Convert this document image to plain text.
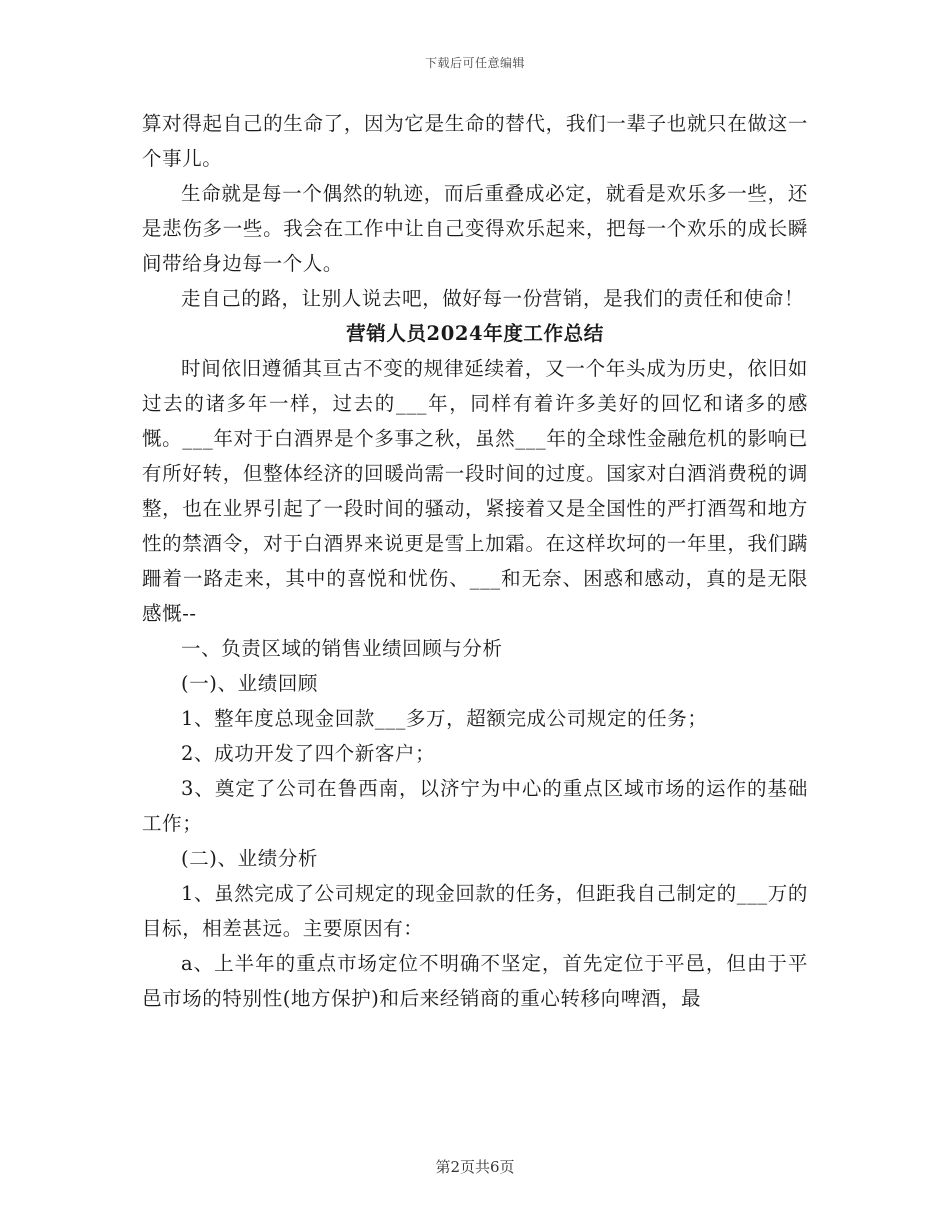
下载后可任意编辑

算对得起自己的生命了，因为它是生命的替代，我们一辈子也就只在做这一个事儿。

生命就是每一个偶然的轨迹，而后重叠成必定，就看是欢乐多一些，还是悲伤多一些。我会在工作中让自己变得欢乐起来，把每一个欢乐的成长瞬间带给身边每一个人。

走自己的路，让别人说去吧，做好每一份营销，是我们的责任和使命！

营销人员2024年度工作总结

时间依旧遵循其亘古不变的规律延续着，又一个年头成为历史，依旧如过去的诸多年一样，过去的___年，同样有着许多美好的回忆和诸多的感慨。___年对于白酒界是个多事之秋，虽然___年的全球性金融危机的影响已有所好转，但整体经济的回暖尚需一段时间的过度。国家对白酒消费税的调整，也在业界引起了一段时间的骚动，紧接着又是全国性的严打酒驾和地方性的禁酒令，对于白酒界来说更是雪上加霜。在这样坎坷的一年里，我们蹒跚着一路走来，其中的喜悦和忧伤、___和无奈、困惑和感动，真的是无限感慨--

一、负责区域的销售业绩回顾与分析

(一)、业绩回顾

1、整年度总现金回款___多万，超额完成公司规定的任务；

2、成功开发了四个新客户；

3、奠定了公司在鲁西南，以济宁为中心的重点区域市场的运作的基础工作；

(二)、业绩分析

1、虽然完成了公司规定的现金回款的任务，但距我自己制定的___万的目标，相差甚远。主要原因有：

a、上半年的重点市场定位不明确不坚定，首先定位于平邑，但由于平邑市场的特别性(地方保护)和后来经销商的重心转移向啤酒，最

第2页共6页
